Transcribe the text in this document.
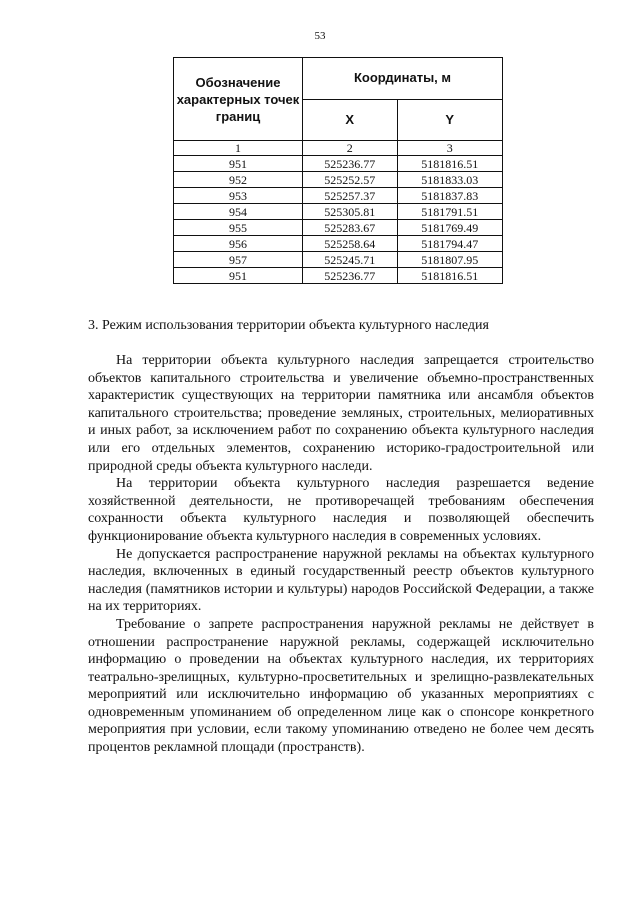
53
Обозначение характерных точек границ	Координаты, м	
	X	Y
1	2	3
951	525236.77	5181816.51
952	525252.57	5181833.03
953	525257.37	5181837.83
954	525305.81	5181791.51
955	525283.67	5181769.49
956	525258.64	5181794.47
957	525245.71	5181807.95
951	525236.77	5181816.51
3. Режим использования территории объекта культурного наследия

На территории объекта культурного наследия запрещается строительство объектов капитального строительства и увеличение объемно-пространственных характеристик существующих на территории памятника или ансамбля объектов капитального строительства; проведение земляных, строительных, мелиоративных и иных работ, за исключением работ по сохранению объекта культурного наследия или его отдельных элементов, сохранению историко-градостроительной или природной среды объекта культурного наследи.

На территории объекта культурного наследия разрешается ведение хозяйственной деятельности, не противоречащей требованиям обеспечения сохранности объекта культурного наследия и позволяющей обеспечить функционирование объекта культурного наследия в современных условиях.

Не допускается распространение наружной рекламы на объектах культурного наследия, включенных в единый государственный реестр объектов культурного наследия (памятников истории и культуры) народов Российской Федерации, а также на их территориях.

Требование о запрете распространения наружной рекламы не действует в отношении распространение наружной рекламы, содержащей исключительно информацию о проведении на объектах культурного наследия, их территориях театрально-зрелищных, культурно-просветительных и зрелищно-развлекательных мероприятий или исключительно информацию об указанных мероприятиях с одновременным упоминанием об определенном лице как о спонсоре конкретного мероприятия при условии, если такому упоминанию отведено не более чем десять процентов рекламной площади (пространств).
